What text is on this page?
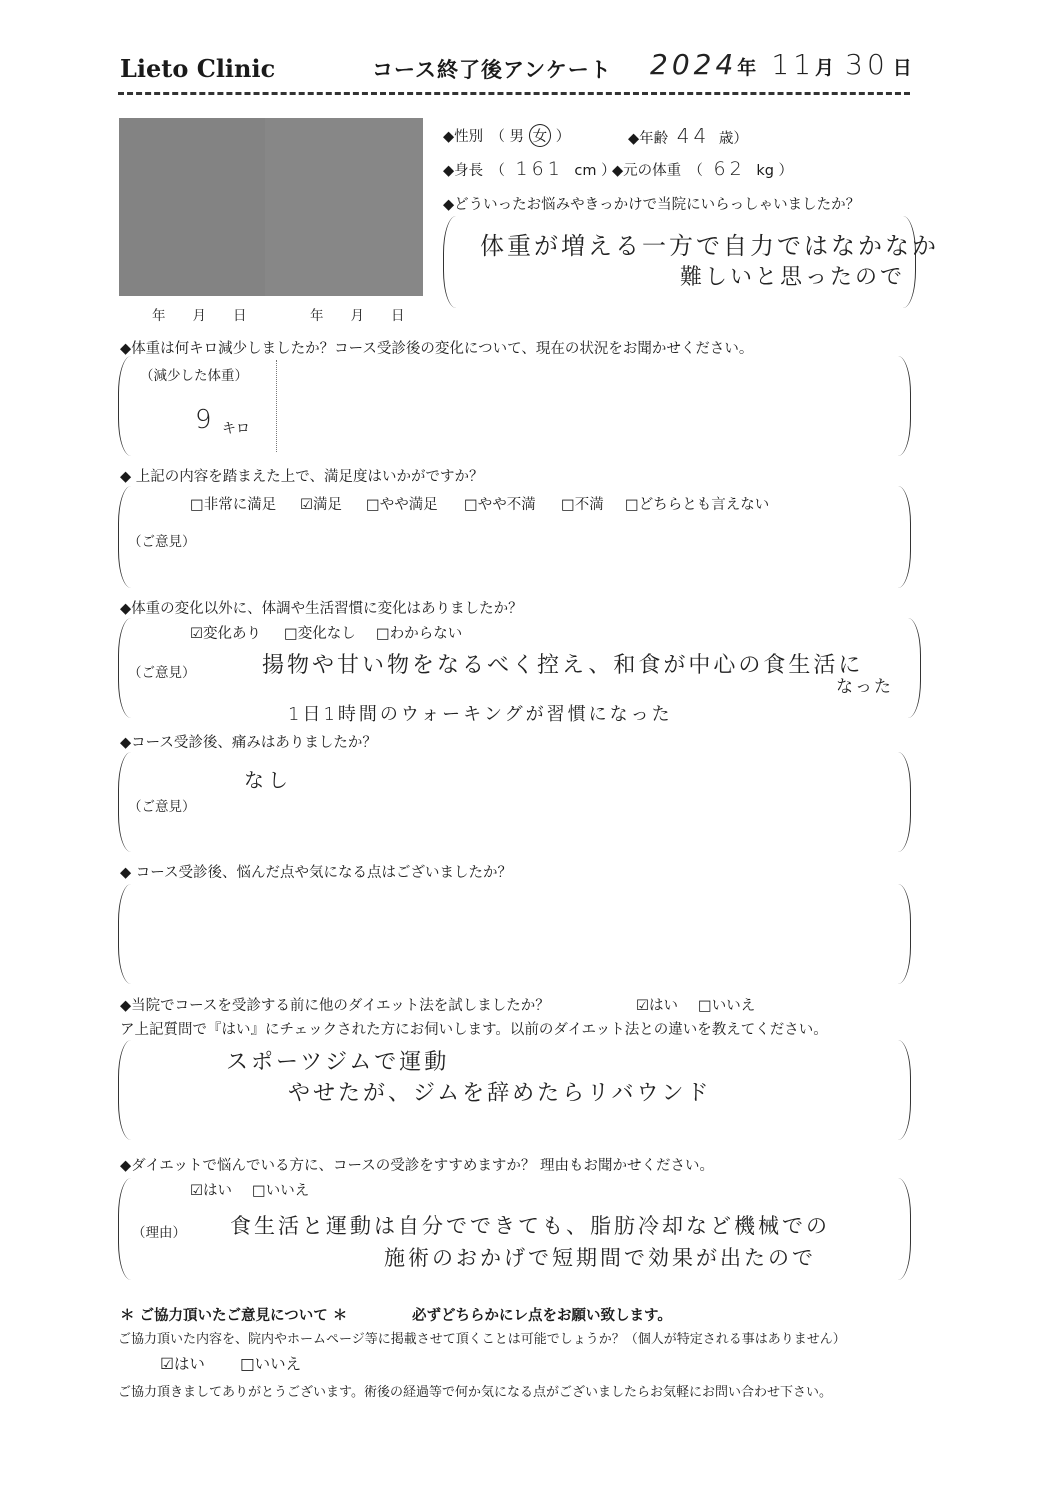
Lieto Clinic	コース終了後アンケート 2024年 11月 30 日
年　　月　　日	年　　月　　日
◆性別　（ 男 女 ）	◆年齢 44 歳）
◆身長　（ 161 cm ）
◆元の体重　（ 62 kg ）
◆どういったお悩みやきっかけで当院にいらっしゃいましたか？
体重が増える一方で自力ではなかなか
難しいと思ったので
◆体重は何キロ減少しましたか？コース受診後の変化について、現在の状況をお聞かせください。
（減少した体重）
9 キロ
◆ 上記の内容を踏まえた上で、満足度はいかがですか？
□非常に満足 ☑満足 □やや満足 □やや不満 □不満 □どちらとも言えない
（ご意見）
◆体重の変化以外に、体調や生活習慣に変化はありましたか？
☑変化あり □変化なし □わからない
（ご意見）	揚物や甘い物をなるべく控え、和食が中心の食生活に
なった
1日1時間のウォーキングが習慣になった
◆コース受診後、痛みはありましたか？
なし
（ご意見）
◆ コース受診後、悩んだ点や気になる点はございましたか？
◆当院でコースを受診する前に他のダイエット法を試しましたか？	☑はい □いいえ
ア上記質問で『はい』にチェックされた方にお伺いします。以前のダイエット法との違いを教えてください。
スポーツジムで運動
やせたが、ジムを辞めたらリバウンド
◆ダイエットで悩んでいる方に、コースの受診をすすめますか？ 理由もお聞かせください。
☑はい □いいえ
（理由） 食生活と運動は自分でできても、脂肪冷却など機械での
施術のおかげで短期間で効果が出たので
＊ ご協力頂いたご意見について ＊	必ずどちらかにレ点をお願い致します。
ご協力頂いた内容を、院内やホームページ等に掲載させて頂くことは可能でしょうか？（個人が特定される事はありません）
☑はい □いいえ
ご協力頂きましてありがとうございます。術後の経過等で何か気になる点がございましたらお気軽にお問い合わせ下さい。
